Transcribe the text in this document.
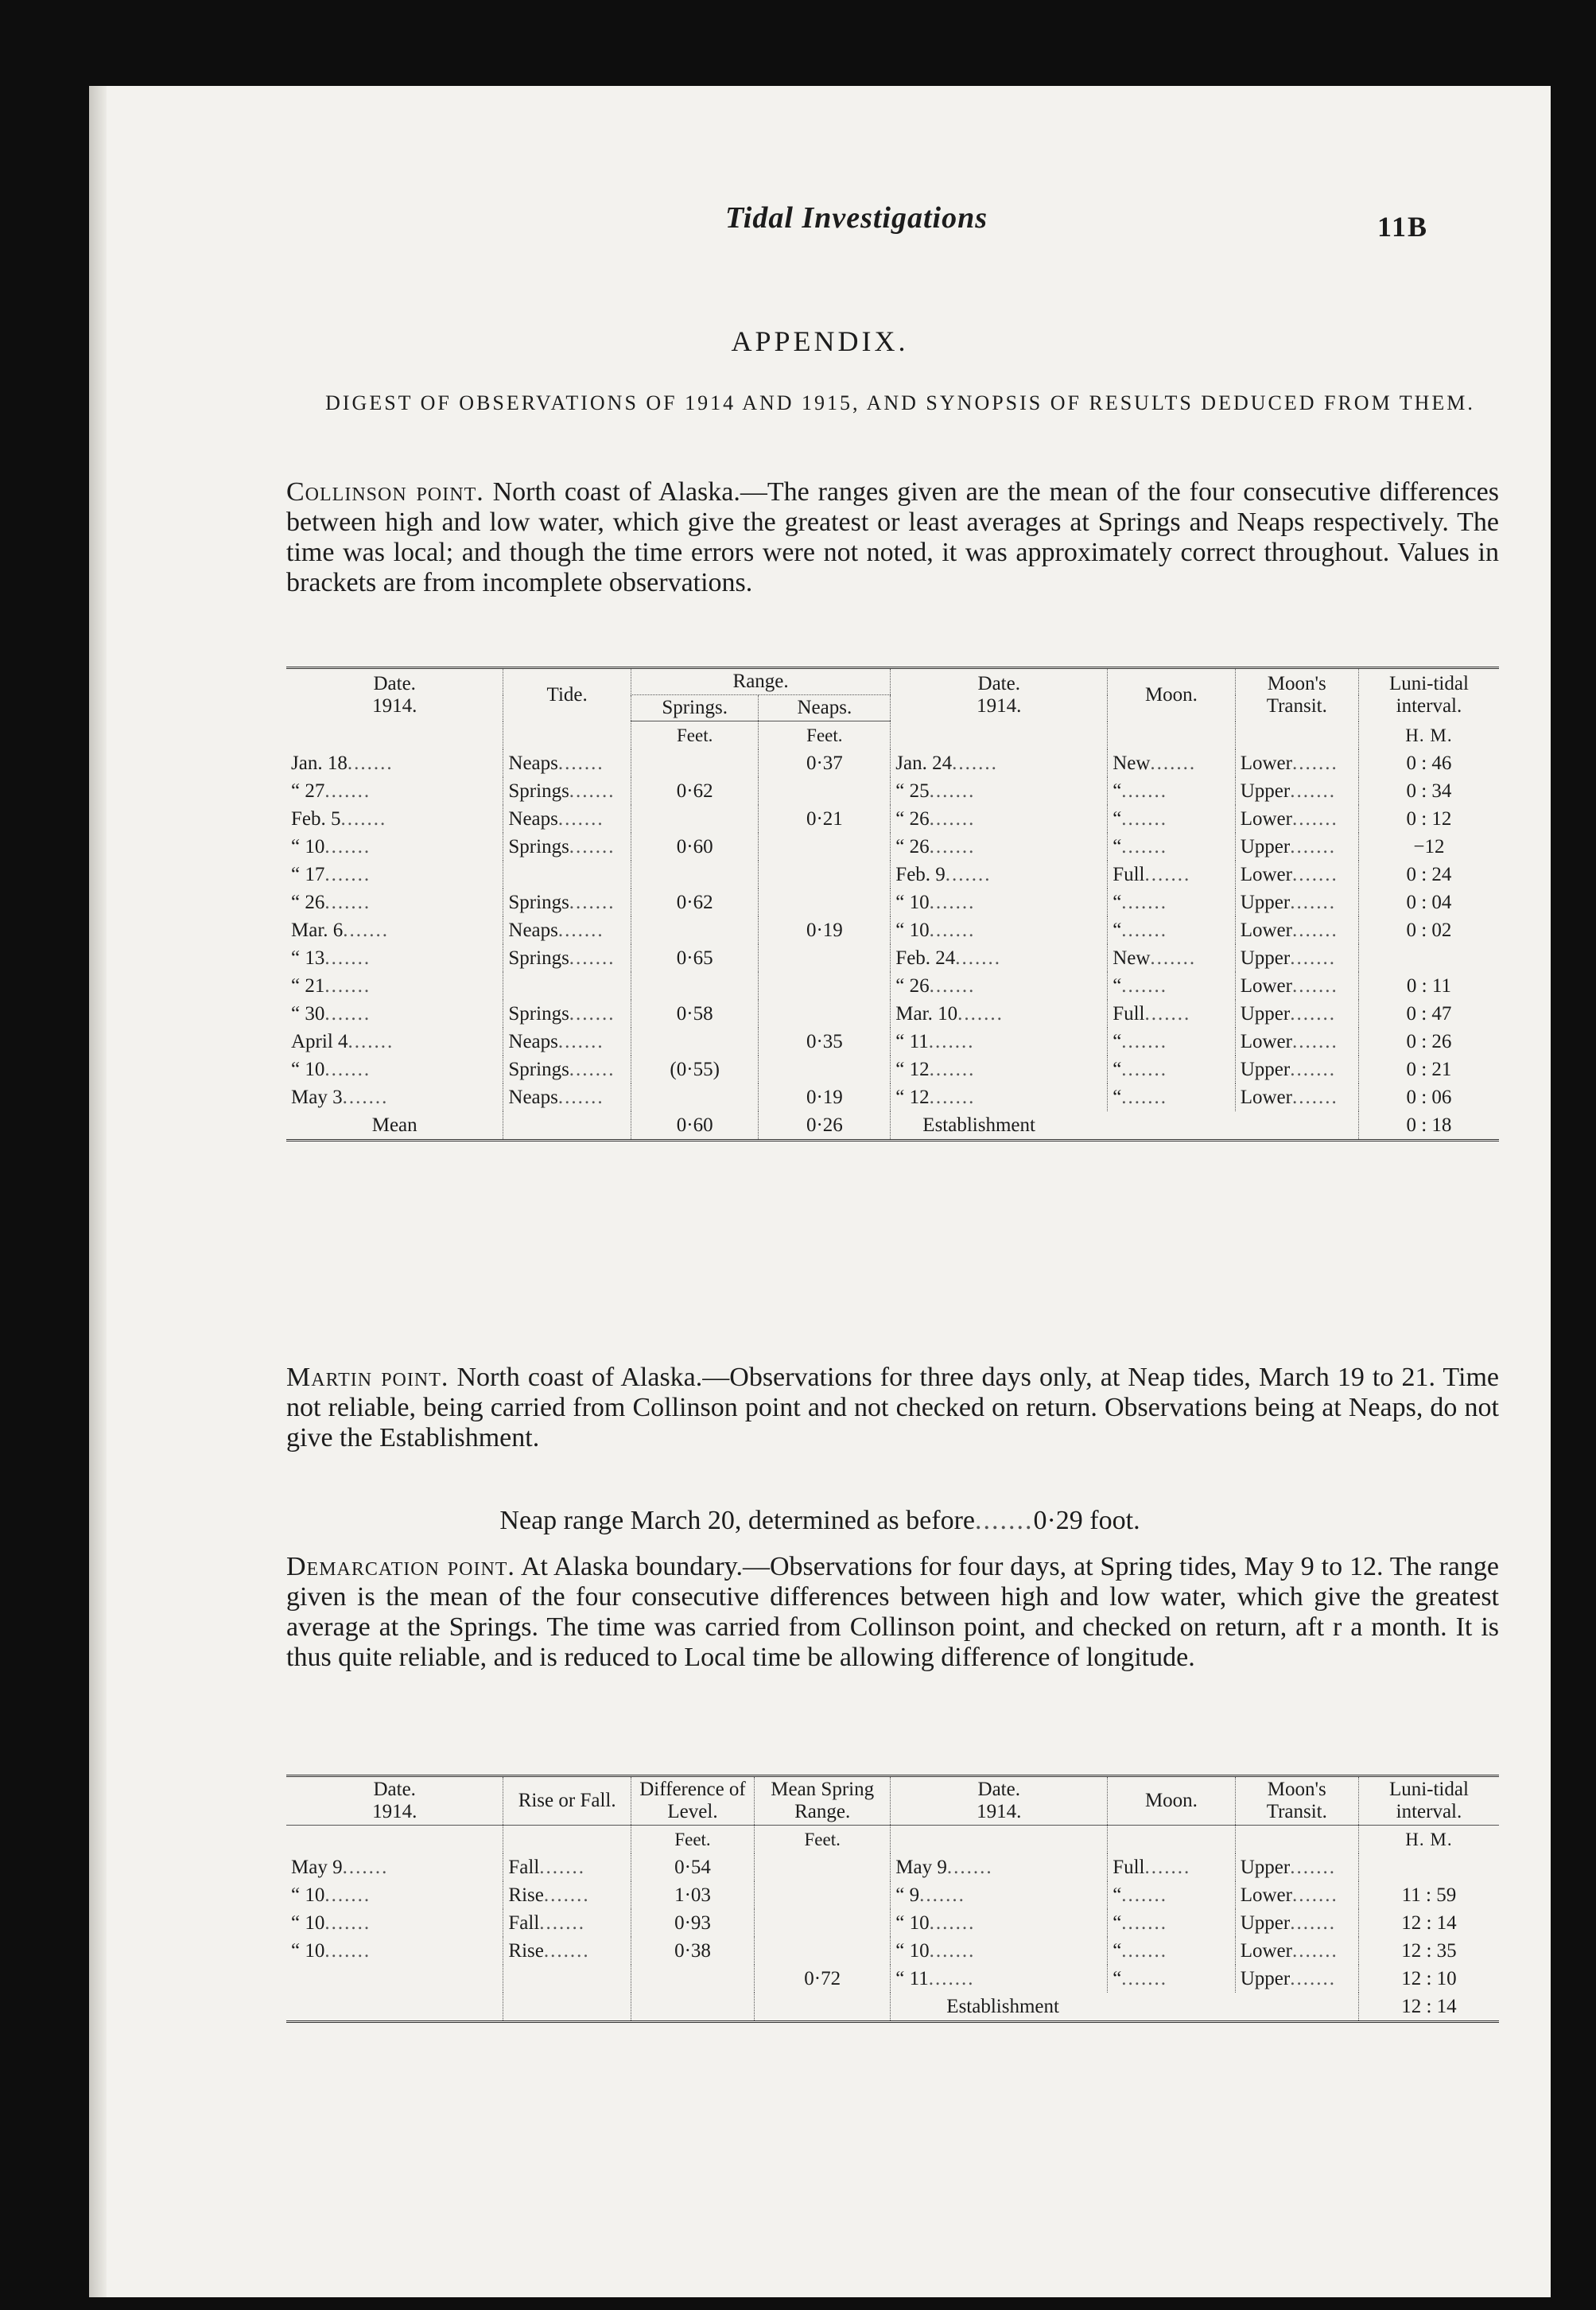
Tidal Investigations	11B
APPENDIX.
DIGEST OF OBSERVATIONS OF 1914 AND 1915, AND SYNOPSIS OF RESULTS DEDUCED FROM THEM.

Collinson point. North coast of Alaska.—The ranges given are the mean of the four consecutive differences between high and low water, which give the greatest or least averages at Springs and Neaps respectively. The time was local; and though the time errors were not noted, it was approximately correct throughout. Values in brackets are from incomplete observations.

Date.
1914.	Tide.	Range.		Date.
1914.	Moon.	Moon's Transit.	Luni-tidal interval.
		Springs.	Neaps.				
		Feet.	Feet.				H. M.
Jan. 18.......	Neaps.......		0·37	Jan. 24.......	New.......	Lower.......	0 : 46
“ 27.......	Springs.......	0·62		“ 25.......	“.......	Upper.......	0 : 34
Feb. 5.......	Neaps.......		0·21	“ 26.......	“.......	Lower.......	0 : 12
“ 10.......	Springs.......	0·60		“ 26.......	“.......	Upper.......	−12
“ 17.......				Feb. 9.......	Full.......	Lower.......	0 : 24
“ 26.......	Springs.......	0·62		“ 10.......	“.......	Upper.......	0 : 04
Mar. 6.......	Neaps.......		0·19	“ 10.......	“.......	Lower.......	0 : 02
“ 13.......	Springs.......	0·65		Feb. 24.......	New.......	Upper.......	
“ 21.......				“ 26.......	“.......	Lower.......	0 : 11
“ 30.......	Springs.......	0·58		Mar. 10.......	Full.......	Upper.......	0 : 47
April 4.......	Neaps.......		0·35	“ 11.......	“.......	Lower.......	0 : 26
“ 10.......	Springs.......	(0·55)		“ 12.......	“.......	Upper.......	0 : 21
May 3.......	Neaps.......		0·19	“ 12.......	“.......	Lower.......	0 : 06
Mean		0·60	0·26	Establishment			0 : 18

Martin point. North coast of Alaska.—Observations for three days only, at Neap tides, March 19 to 21. Time not reliable, being carried from Collinson point and not checked on return. Observations being at Neaps, do not give the Establishment.

Neap range March 20, determined as before.......0·29 foot.

Demarcation point. At Alaska boundary.—Observations for four days, at Spring tides, May 9 to 12. The range given is the mean of the four consecutive differences between high and low water, which give the greatest average at the Springs. The time was carried from Collinson point, and checked on return, aft r a month. It is thus quite reliable, and is reduced to Local time be allowing difference of longitude.

Date.
1914.	Rise or Fall.	Difference of Level.	Mean Spring Range.	Date.
1914.	Moon.	Moon's Transit.	Luni-tidal interval.
		Feet.	Feet.				H. M.
May 9.......	Fall.......	0·54		May 9.......	Full.......	Upper.......	
“ 10.......	Rise.......	1·03		“ 9.......	“.......	Lower.......	11 : 59
“ 10.......	Fall.......	0·93		“ 10.......	“.......	Upper.......	12 : 14
“ 10.......	Rise.......	0·38		“ 10.......	“.......	Lower.......	12 : 35
			0·72	“ 11.......	“.......	Upper.......	12 : 10
				Establishment			12 : 14
